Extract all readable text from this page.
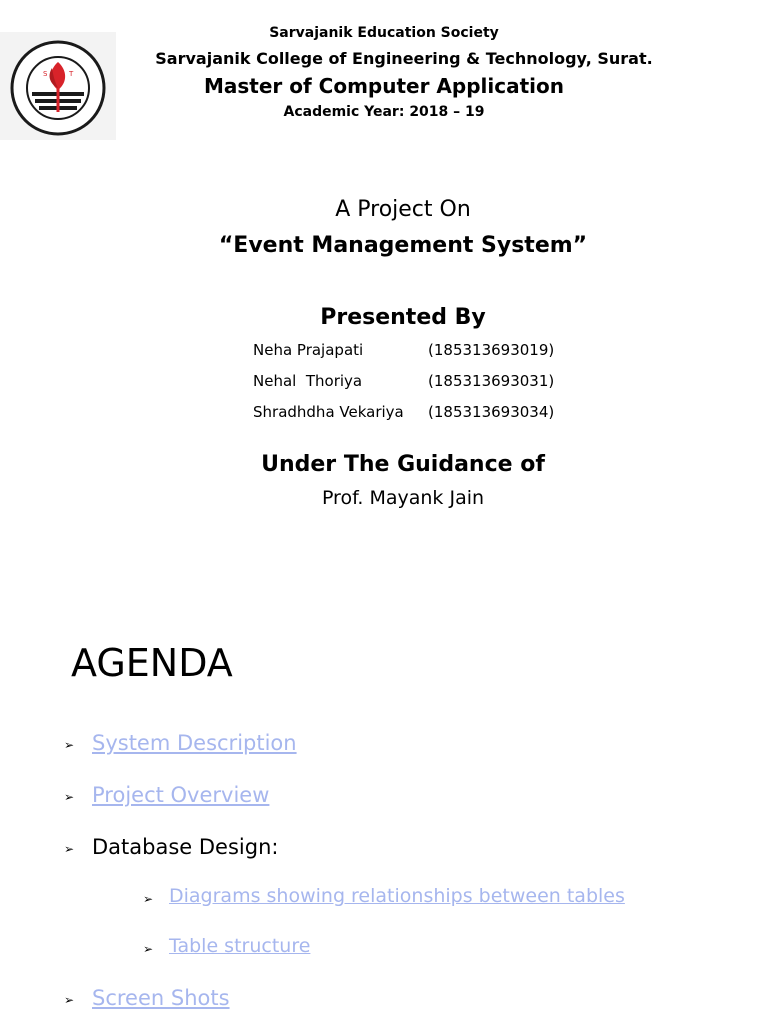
S	T
Sarvajanik Education Society
Sarvajanik College of Engineering & Technology, Surat.
Master of Computer Application
Academic Year: 2018 – 19
A Project On
“Event Management System”
Presented By
Neha Prajapati	(185313693019)
Nehal  Thoriya	(185313693031)
Shradhdha Vekariya	(185313693034)
Under The Guidance of
Prof. Mayank Jain
AGENDA
➢ System Description
➢ Project Overview
➢ Database Design:
➢ Diagrams showing relationships between tables
➢ Table structure
➢ Screen Shots
